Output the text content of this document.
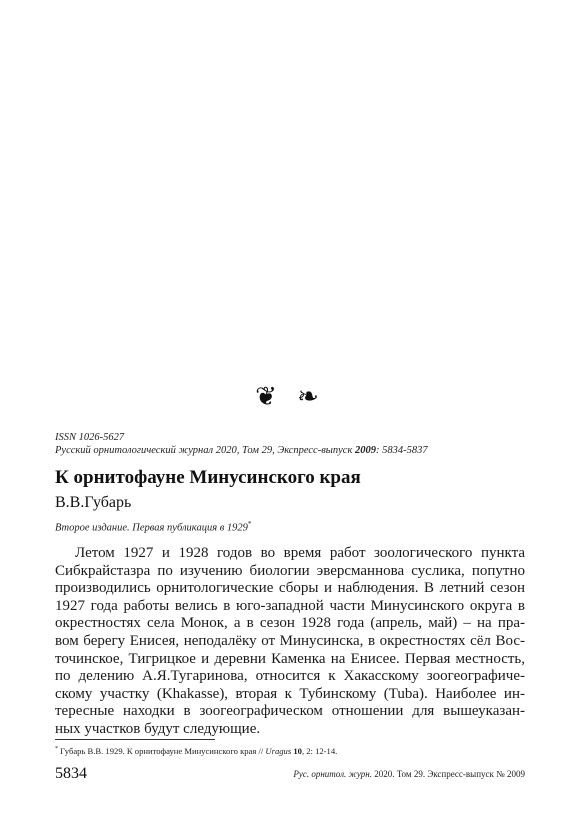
❦ ❧
ISSN 1026-5627
Русский орнитологический журнал 2020, Том 29, Экспресс-выпуск 2009: 5834-5837
К орнитофауне Минусинского края
В.В.Губарь
Второе издание. Первая публикация в 1929*
Летом 1927 и 1928 годов во время работ зоологического пункта
Сибкрайстазра по изучению биологии эверсманнова суслика, попутно
производились орнитологические сборы и наблюдения. В летний сезон
1927 года работы велись в юго-западной части Минусинского округа в
окрестностях села Монок, а в сезон 1928 года (апрель, май) – на пра-
вом берегу Енисея, неподалёку от Минусинска, в окрестностях сёл Вос-
точинское, Тигрицкое и деревни Каменка на Енисее. Первая местность,
по делению А.Я.Тугаринова, относится к Хакасскому зоогеографиче-
скому участку (Khakasse), вторая к Тубинскому (Tuba). Наиболее ин-
тересные находки в зоогеографическом отношении для вышеуказан-
ных участков будут следующие.
* Губарь В.В. 1929. К орнитофауне Минусинского края // Uragus 10, 2: 12-14.
5834	Рус. орнитол. журн. 2020. Том 29. Экспресс-выпуск № 2009
